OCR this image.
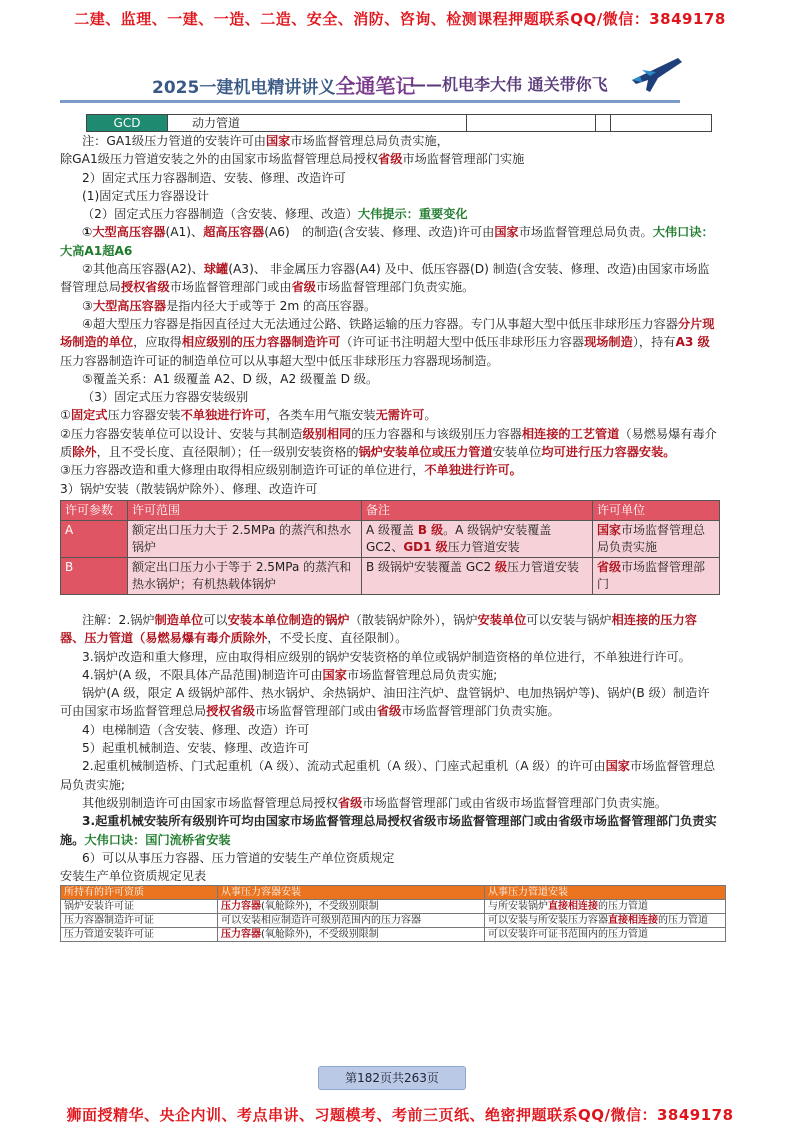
二建、监理、一建、一造、二造、安全、消防、咨询、检测课程押题联系QQ/微信：3849178
2025一建机电精讲讲义全通笔记
——机电李大伟 通关带你飞
GCD	动力管道

注：GA1级压力管道的安装许可由国家市场监督管理总局负责实施，

除GA1级压力管道安装之外的由国家市场监督管理总局授权省级市场监督管理部门实施

2）固定式压力容器制造、安装、修理、改造许可

(1)固定式压力容器设计

（2）固定式压力容器制造（含安装、修理、改造）大伟提示：重要变化

①大型高压容器(A1)、超高压容器(A6)　的制造(含安装、修理、改造)许可由国家市场监督管理总局负责。大伟口诀：大高A1超A6

②其他高压容器(A2)、球罐(A3)、 非金属压力容器(A4) 及中、低压容器(D) 制造(含安装、修理、改造)由国家市场监督管理总局授权省级市场监督管理部门或由省级市场监督管理部门负责实施。

③大型高压容器是指内径大于或等于 2m 的高压容器。

④超大型压力容器是指因直径过大无法通过公路、铁路运输的压力容器。专门从事超大型中低压非球形压力容器分片现场制造的单位，应取得相应级别的压力容器制造许可（许可证书注明超大型中低压非球形压力容器现场制造），持有A3 级压力容器制造许可证的制造单位可以从事超大型中低压非球形压力容器现场制造。

⑤覆盖关系：A1 级覆盖 A2、D 级，A2 级覆盖 D 级。

（3）固定式压力容器安装级别

①固定式压力容器安装不单独进行许可，各类车用气瓶安装无需许可。

②压力容器安装单位可以设计、安装与其制造级别相同的压力容器和与该级别压力容器相连接的工艺管道（易燃易爆有毒介质除外，且不受长度、直径限制）；任一级别安装资格的锅炉安装单位或压力管道安装单位均可进行压力容器安装。

③压力容器改造和重大修理由取得相应级别制造许可证的单位进行，不单独进行许可。

3）锅炉安装（散装锅炉除外）、修理、改造许可

许可参数	许可范围	备注	许可单位
A	额定出口压力大于 2.5MPa 的蒸汽和热水锅炉	A 级覆盖 B 级。A 级锅炉安装覆盖 GC2、GD1 级压力管道安装	国家市场监督管理总局负责实施
B	额定出口压力小于等于 2.5MPa 的蒸汽和热水锅炉；有机热载体锅炉	B 级锅炉安装覆盖 GC2 级压力管道安装	省级市场监督管理部门

注解：2.锅炉制造单位可以安装本单位制造的锅炉（散装锅炉除外），锅炉安装单位可以安装与锅炉相连接的压力容器、压力管道（易燃易爆有毒介质除外，不受长度、直径限制）。

3.锅炉改造和重大修理，应由取得相应级别的锅炉安装资格的单位或锅炉制造资格的单位进行，不单独进行许可。

4.锅炉(A 级，不限具体产品范围)制造许可由国家市场监督管理总局负责实施;

锅炉(A 级，限定 A 级锅炉部件、热水锅炉、余热锅炉、油田注汽炉、盘管锅炉、电加热锅炉等)、锅炉(B 级）制造许可由国家市场监督管理总局授权省级市场监督管理部门或由省级市场监督管理部门负责实施。

4）电梯制造（含安装、修理、改造）许可

5）起重机械制造、安装、修理、改造许可

2.起重机械制造桥、门式起重机（A 级）、流动式起重机（A 级）、门座式起重机（A 级）的许可由国家市场监督管理总局负责实施;

其他级别制造许可由国家市场监督管理总局授权省级市场监督管理部门或由省级市场监督管理部门负责实施。

3.起重机械安装所有级别许可均由国家市场监督管理总局授权省级市场监督管理部门或由省级市场监督管理部门负责实施。大伟口诀：国门流桥省安装

6）可以从事压力容器、压力管道的安装生产单位资质规定

安装生产单位资质规定见表

所持有的许可资质	从事压力容器安装	从事压力管道安装
锅炉安装许可证	压力容器(氧舱除外)，不受级别限制	与所安装锅炉直接相连接的压力管道
压力容器制造许可证	可以安装相应制造许可级别范围内的压力容器	可以安装与所安装压力容器直接相连接的压力管道
压力管道安装许可证	压力容器(氧舱除外)，不受级别限制	可以安装许可证书范围内的压力管道
第182页共263页
狮面授精华、央企内训、考点串讲、习题模考、考前三页纸、绝密押题联系QQ/微信：3849178
